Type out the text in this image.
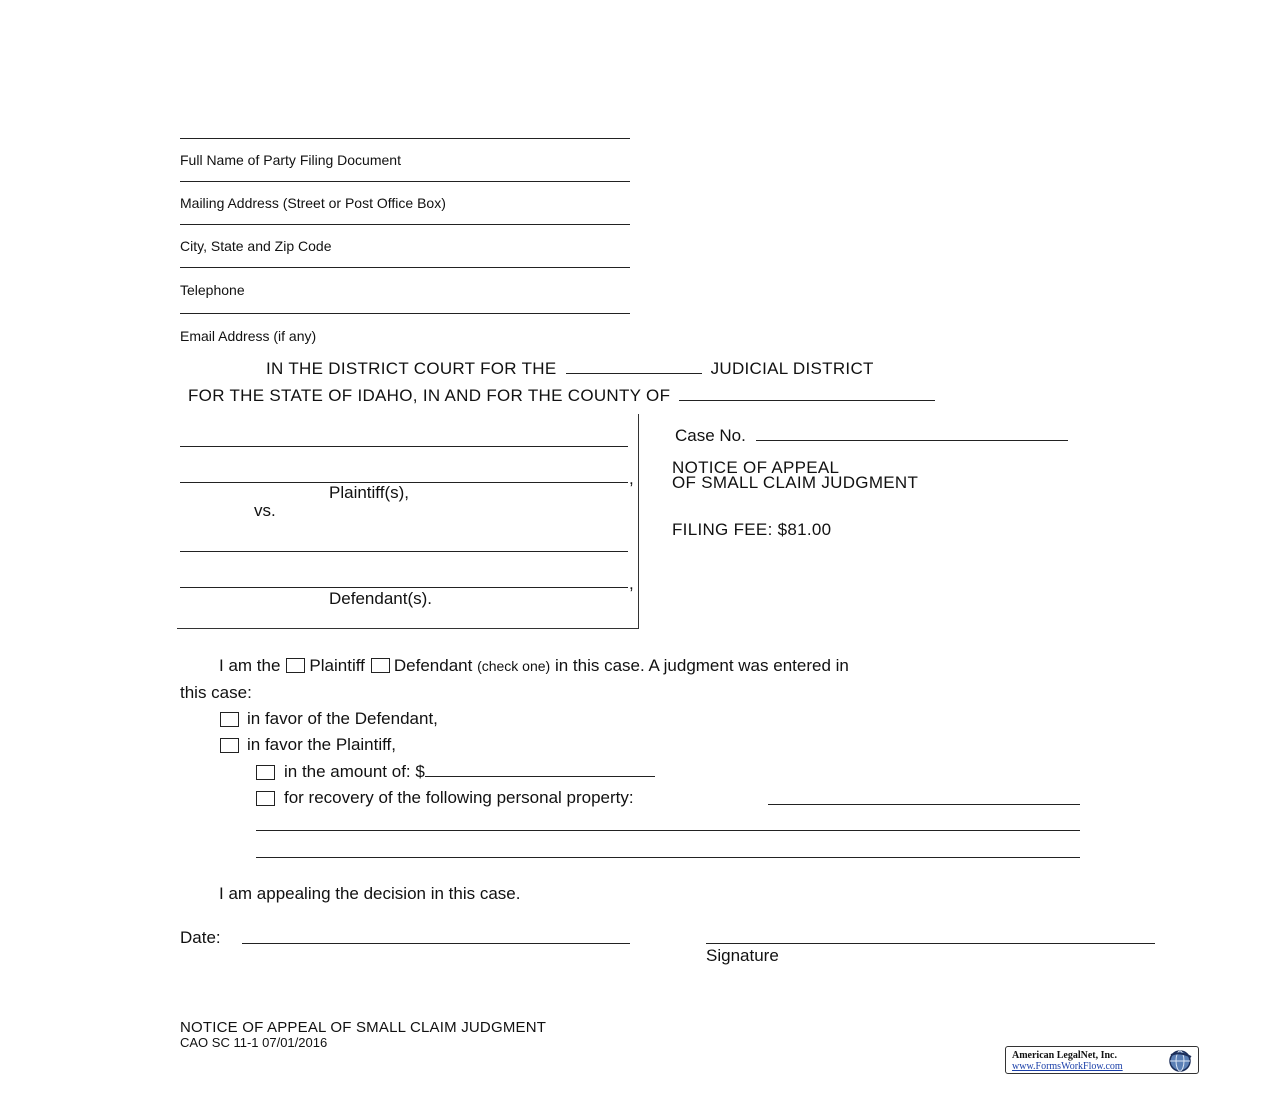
Full Name of Party Filing Document
Mailing Address (Street or Post Office Box)
City, State and Zip Code
Telephone
Email Address (if any)
IN THE DISTRICT COURT FOR THE	JUDICIAL DISTRICT
FOR THE STATE OF IDAHO, IN AND FOR THE COUNTY OF
,
Plaintiff(s),
vs.
,
Defendant(s).
Case No.
NOTICE OF APPEAL
OF SMALL CLAIM JUDGMENT
FILING FEE: $81.00
I am the Plaintiff Defendant (check one) in this case. A judgment was entered in
this case:
in favor of the Defendant,
in favor the Plaintiff,
in the amount of: $
for recovery of the following personal property:
I am appealing the decision in this case.
Date:
Signature
NOTICE OF APPEAL OF SMALL CLAIM JUDGMENT
CAO SC 11-1 07/01/2016
American LegalNet, Inc.
www.FormsWorkFlow.com
